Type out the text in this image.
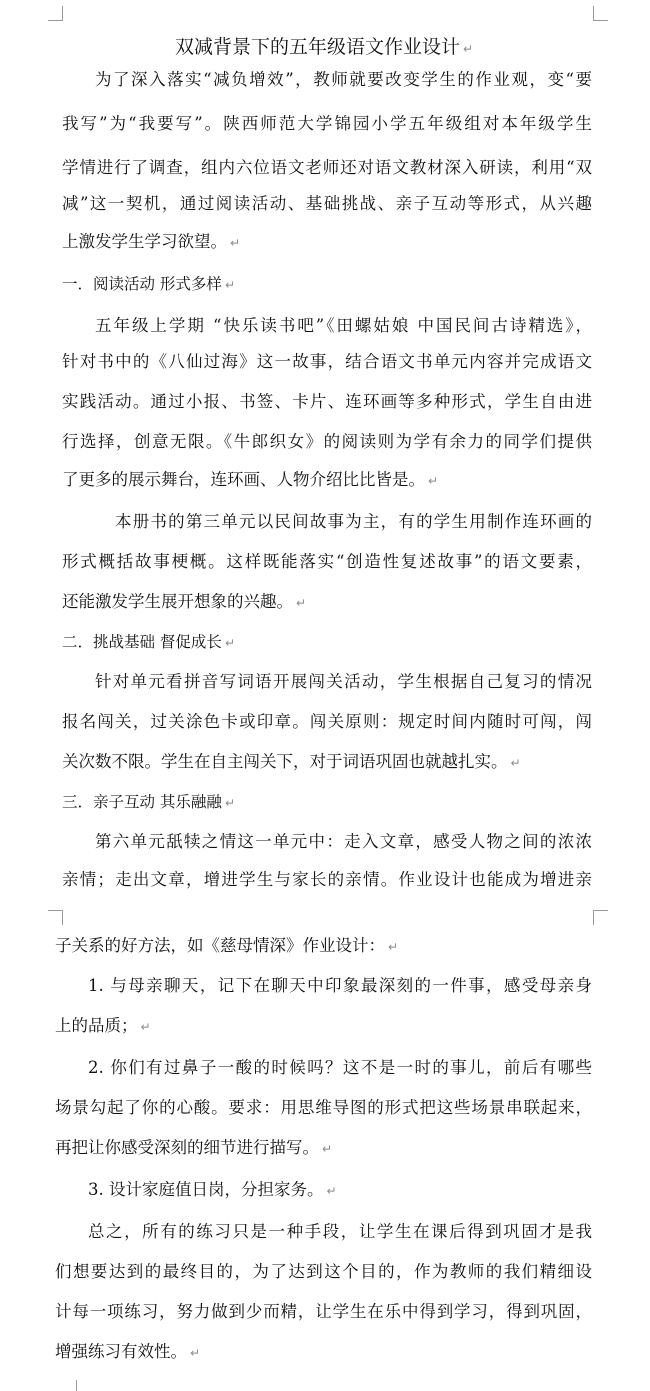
双减背景下的五年级语文作业设计 ↵
为了深入落实“减负增效”，教师就要改变学生的作业观，变“要
我写”为“我要写”。陕西师范大学锦园小学五年级组对本年级学生
学情进行了调查，组内六位语文老师还对语文教材深入研读，利用“双
减”这一契机，通过阅读活动、基础挑战、亲子互动等形式，从兴趣
上激发学生学习欲望。 ↵
一．阅读活动 形式多样 ↵
五年级上学期 “快乐读书吧”《田螺姑娘 中国民间古诗精选》，
针对书中的《八仙过海》这一故事，结合语文书单元内容并完成语文
实践活动。通过小报、书签、卡片、连环画等多种形式，学生自由进
行选择，创意无限。《牛郎织女》的阅读则为学有余力的同学们提供
了更多的展示舞台，连环画、人物介绍比比皆是。 ↵
本册书的第三单元以民间故事为主，有的学生用制作连环画的
形式概括故事梗概。这样既能落实“创造性复述故事”的语文要素，
还能激发学生展开想象的兴趣。 ↵
二．挑战基础 督促成长 ↵
针对单元看拼音写词语开展闯关活动，学生根据自己复习的情况
报名闯关，过关涂色卡或印章。闯关原则：规定时间内随时可闯，闯
关次数不限。学生在自主闯关下，对于词语巩固也就越扎实。 ↵
三．亲子互动 其乐融融 ↵
第六单元舐犊之情这一单元中：走入文章，感受人物之间的浓浓
亲情；走出文章，增进学生与家长的亲情。作业设计也能成为增进亲
子关系的好方法，如《慈母情深》作业设计： ↵
1. 与母亲聊天，记下在聊天中印象最深刻的一件事，感受母亲身
上的品质； ↵
2. 你们有过鼻子一酸的时候吗？这不是一时的事儿，前后有哪些
场景勾起了你的心酸。要求：用思维导图的形式把这些场景串联起来，
再把让你感受深刻的细节进行描写。 ↵
3. 设计家庭值日岗，分担家务。 ↵
总之，所有的练习只是一种手段，让学生在课后得到巩固才是我
们想要达到的最终目的，为了达到这个目的，作为教师的我们精细设
计每一项练习，努力做到少而精，让学生在乐中得到学习，得到巩固，
增强练习有效性。 ↵
